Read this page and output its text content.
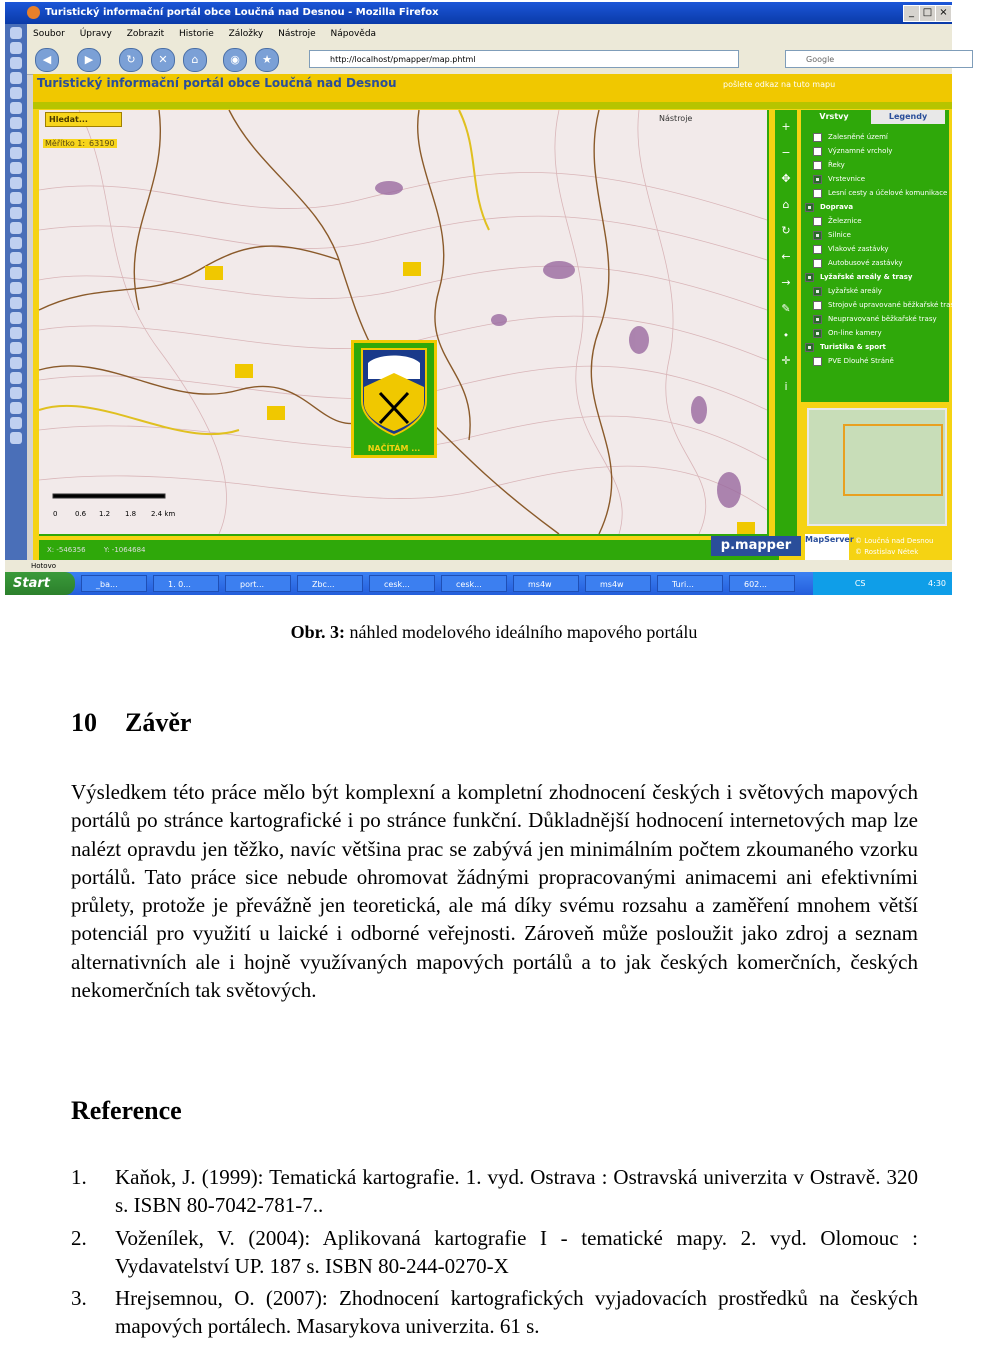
Turistický informační portál obce Loučná nad Desnou - Mozilla Firefox	_ □ ×
Soubor Úpravy Zobrazit Historie Záložky Nástroje Nápověda
◀	▶	↻	✕	⌂	◉	★	http://localhost/pmapper/map.phtml	Google
Turistický informační portál obce Loučná nad Desnou	pošlete odkaz na tuto mapu
Hledat...
Měřítko 1: 63190
Nástroje
NAČÍTÁM ...
0	0.6 1.2 1.8 2.4 km
+
−
✥
⌂
↻
←
→
✎
⬩
✛
i
Vrstvy	Legendy
Zalesněné území
Významné vrcholy
Řeky
Vrstevnice
Lesní cesty a účelové komunikace
Doprava
Železnice
Silnice
Vlakové zastávky
Autobusové zastávky
Lyžařské areály & trasy
Lyžařské areály
Strojově upravované běžkařské trasy
Neupravované běžkařské trasy
On-line kamery
Turistika & sport
PVE Dlouhé Stráně
X: -546356	Y: -1064684	p.mapper	MapServer © Loučná nad Desnou
© Rostislav Nétek
Hotovo
Start	_ba...	1. 0...	port...	Zbc...	cesk...	cesk...	ms4w	ms4w	Turi...	602...	CS	4:30
Obr. 3: náhled modelového ideálního mapového portálu
10 Závěr

Výsledkem této práce mělo být komplexní a kompletní zhodnocení českých i světových mapových portálů po stránce kartografické i po stránce funkční. Důkladnější hodnocení internetových map lze nalézt opravdu jen těžko, navíc většina prac se zabývá jen minimálním počtem zkoumaného vzorku portálů. Tato práce sice nebude ohromovat žádnými propracovanými animacemi ani efektivními průlety, protože je převážně jen teoretická, ale má díky svému rozsahu a zaměření mnohem větší potenciál pro využití u laické i odborné veřejnosti. Zároveň může posloužit jako zdroj a seznam alternativních ale i hojně využívaných mapových portálů a to jak českých komerčních, českých nekomerčních tak světových.

Reference
1. Kaňok, J. (1999): Tematická kartografie. 1. vyd. Ostrava : Ostravská univerzita v Ostravě. 320 s. ISBN 80-7042-781-7..
2. Voženílek, V. (2004): Aplikovaná kartografie I - tematické mapy. 2. vyd. Olomouc : Vydavatelství UP. 187 s. ISBN 80-244-0270-X
3. Hrejsemnou, O. (2007): Zhodnocení kartografických vyjadovacích prostředků na českých mapových portálech. Masarykova univerzita. 61 s.
